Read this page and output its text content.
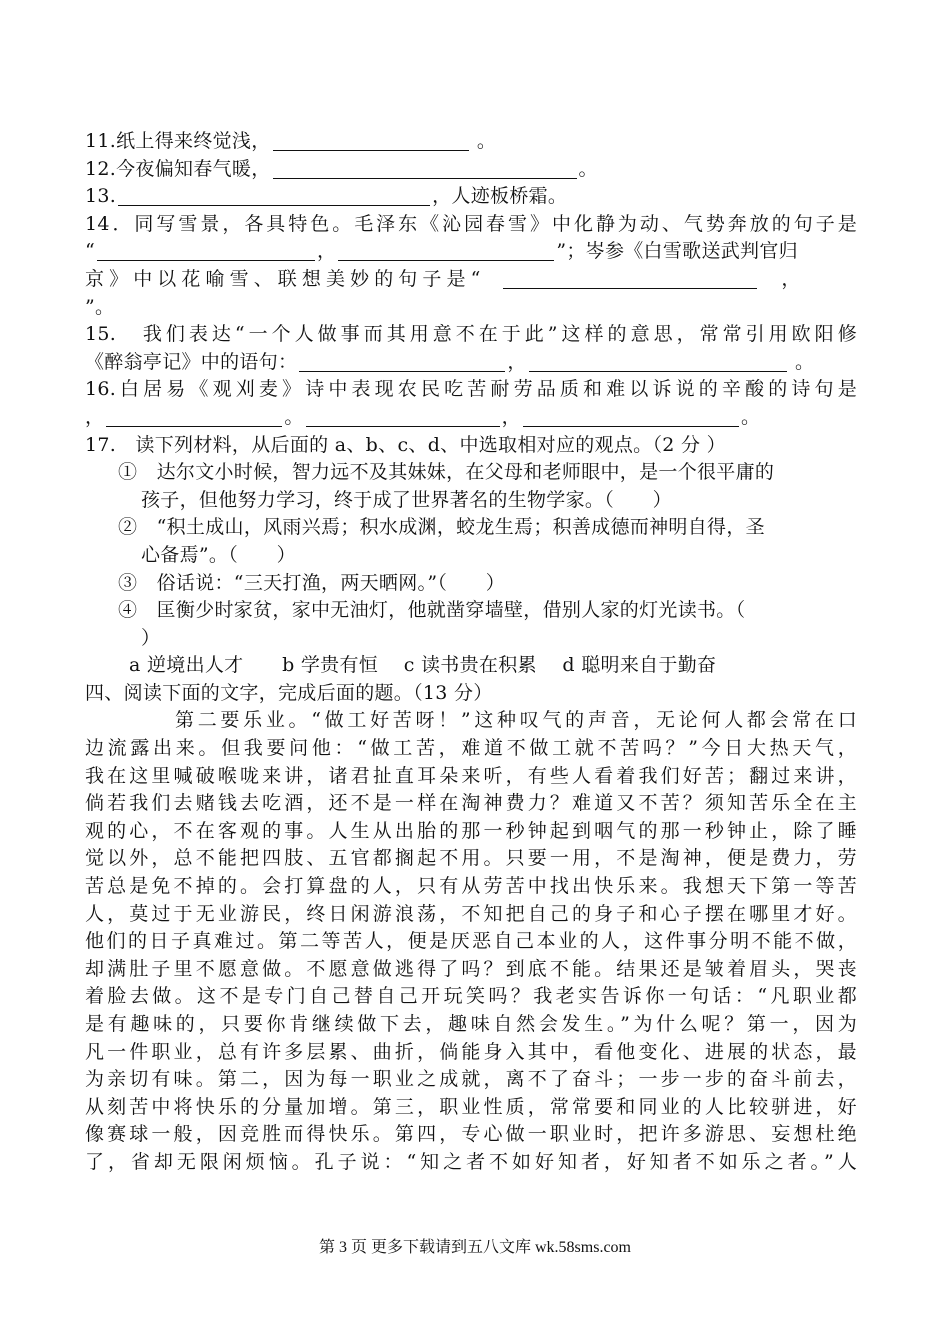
11.纸上得来终觉浅，	。
12.今夜偏知春气暖，	。
13.	，人迹板桥霜。
14．同写雪景，各具特色。毛泽东《沁园春雪》中化静为动、气势奔放的句子是
“	，	”；岑参《白雪歌送武判官归
京》中以花喻雪、联想美妙的句子是“	，
”。
15.　我们表达“一个人做事而其用意不在于此”这样的意思，常常引用欧阳修
《醉翁亭记》中的语句：	，	。
16.白居易《观刈麦》诗中表现农民吃苦耐劳品质和难以诉说的辛酸的诗句是
，	。	，	。
17.　读下列材料，从后面的 a、b、c、d、中选取相对应的观点。（2 分 ）
①　达尔文小时候，智力远不及其妹妹，在父母和老师眼中，是一个很平庸的
孩子，但他努力学习，终于成了世界著名的生物学家。（　　）
②　“积土成山，风雨兴焉；积水成渊，蛟龙生焉；积善成德而神明自得，圣
心备焉”。（　　）
③　俗话说：“三天打渔，两天晒网。”（　　）
④　匡衡少时家贫，家中无油灯，他就凿穿墙壁，借别人家的灯光读书。（
）
a 逆境出人才　　b 学贵有恒　 c 读书贵在积累　 d 聪明来自于勤奋
四、阅读下面的文字，完成后面的题。（13 分）
第二要乐业。“做工好苦呀！”这种叹气的声音，无论何人都会常在口
边流露出来。但我要问他：“做工苦，难道不做工就不苦吗？”今日大热天气，
我在这里喊破喉咙来讲，诸君扯直耳朵来听，有些人看着我们好苦；翻过来讲，
倘若我们去赌钱去吃酒，还不是一样在淘神费力？难道又不苦？须知苦乐全在主
观的心，不在客观的事。人生从出胎的那一秒钟起到咽气的那一秒钟止，除了睡
觉以外，总不能把四肢、五官都搁起不用。只要一用，不是淘神，便是费力，劳
苦总是免不掉的。会打算盘的人，只有从劳苦中找出快乐来。我想天下第一等苦
人，莫过于无业游民，终日闲游浪荡，不知把自己的身子和心子摆在哪里才好。
他们的日子真难过。第二等苦人，便是厌恶自己本业的人，这件事分明不能不做，
却满肚子里不愿意做。不愿意做逃得了吗？到底不能。结果还是皱着眉头，哭丧
着脸去做。这不是专门自己替自己开玩笑吗？我老实告诉你一句话：“凡职业都
是有趣味的，只要你肯继续做下去，趣味自然会发生。”为什么呢？第一，因为
凡一件职业，总有许多层累、曲折，倘能身入其中，看他变化、进展的状态，最
为亲切有味。第二，因为每一职业之成就，离不了奋斗；一步一步的奋斗前去，
从刻苦中将快乐的分量加增。第三，职业性质，常常要和同业的人比较骈进，好
像赛球一般，因竞胜而得快乐。第四，专心做一职业时，把许多游思、妄想杜绝
了，省却无限闲烦恼。孔子说：“知之者不如好知者，好知者不如乐之者。”人
第 3 页 更多下载请到五八文库 wk.58sms.com
